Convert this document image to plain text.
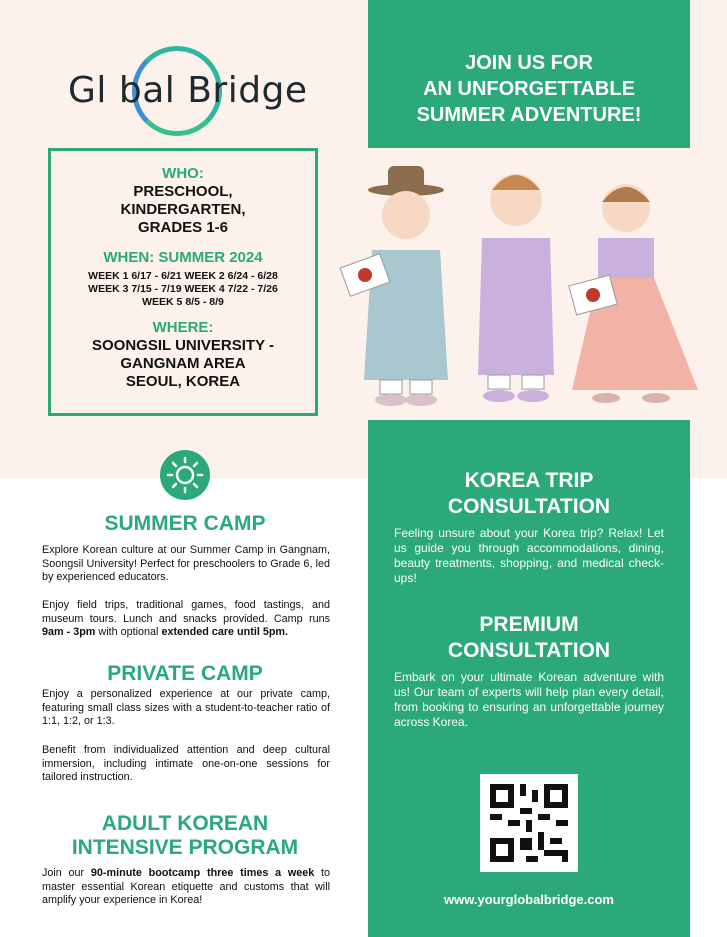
Gl bal Bridge
WHO:
PRESCHOOL,
KINDERGARTEN,
GRADES 1-6
WHEN: SUMMER 2024
WEEK 1 6/17 - 6/21 WEEK 2 6/24 - 6/28
WEEK 3 7/15 - 7/19 WEEK 4 7/22 - 7/26
WEEK 5 8/5 - 8/9
WHERE:
SOONGSIL UNIVERSITY -
GANGNAM AREA
SEOUL, KOREA
JOIN US FOR
AN UNFORGETTABLE
SUMMER ADVENTURE!
SUMMER CAMP
Explore Korean culture at our Summer Camp in Gangnam, Soongsil University! Perfect for preschoolers to Grade 6, led by experienced educators.
Enjoy field trips, traditional games, food tastings, and museum tours. Lunch and snacks provided. Camp runs 9am - 3pm with optional extended care until 5pm.
PRIVATE CAMP
Enjoy a personalized experience at our private camp, featuring small class sizes with a student-to-teacher ratio of 1:1, 1:2, or 1:3.
Benefit from individualized attention and deep cultural immersion, including intimate one-on-one sessions for tailored instruction.
ADULT KOREAN
INTENSIVE PROGRAM
Join our 90-minute bootcamp three times a week to master essential Korean etiquette and customs that will amplify your experience in Korea!
KOREA TRIP
CONSULTATION
Feeling unsure about your Korea trip? Relax! Let us guide you through accommodations, dining, beauty treatments, shopping, and medical check-ups!
PREMIUM
CONSULTATION
Embark on your ultimate Korean adventure with us! Our team of experts will help plan every detail, from booking to ensuring an unforgettable journey across Korea.
www.yourglobalbridge.com
